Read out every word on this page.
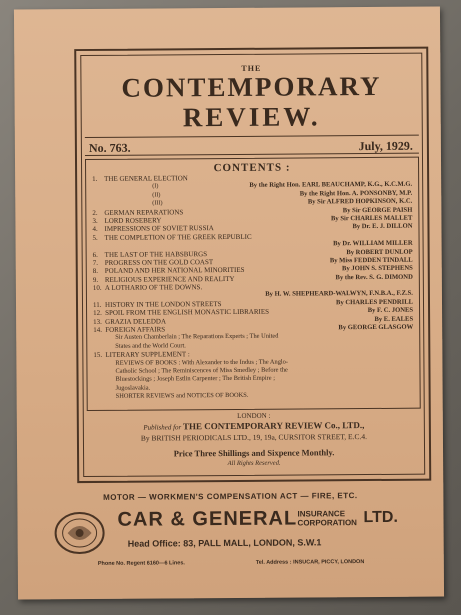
THE
CONTEMPORARY
REVIEW.
No. 763.	July, 1929.
CONTENTS :
1. THE GENERAL ELECTION
(I)	By the Right Hon. EARL BEAUCHAMP, K.G., K.C.M.G.
(II)	By the Right Hon. A. PONSONBY, M.P.
(III)	By Sir ALFRED HOPKINSON, K.C.
2. GERMAN REPARATIONS	By Sir GEORGE PAISH
3. LORD ROSEBERY	By Sir CHARLES MALLET
4. IMPRESSIONS OF SOVIET RUSSIA	By Dr. E. J. DILLON
5. THE COMPLETION OF THE GREEK REPUBLIC
By Dr. WILLIAM MILLER
6. THE LAST OF THE HABSBURGS	By ROBERT DUNLOP
7. PROGRESS ON THE GOLD COAST	By Miss FEDDEN TINDALL
8. POLAND AND HER NATIONAL MINORITIES	By JOHN S. STEPHENS
9. RELIGIOUS EXPERIENCE AND REALITY	By the Rev. S. G. DIMOND
10. A LOTHARIO OF THE DOWNS.
By H. W. SHEPHEARD-WALWYN, F.N.B.A., F.Z.S.
11. HISTORY IN THE LONDON STREETS	By CHARLES PENDRILL
12. SPOIL FROM THE ENGLISH MONASTIC LIBRARIES	By F. C. JONES
13. GRAZIA DELEDDA	By E. EALES
14. FOREIGN AFFAIRS	By GEORGE GLASGOW
Sir Austen Chamberlain ; The Reparations Experts ; The United
States and the World Court.
15. LITERARY SUPPLEMENT :
REVIEWS OF BOOKS : With Alexander to the Indus ; The Anglo-
Catholic School ; The Reminiscences of Miss Smedley ; Before the
Bluestockings ; Joseph Estlin Carpenter ; The British Empire ;
Jugoslavakia.
SHORTER REVIEWS and NOTICES OF BOOKS.
LONDON :
Published for THE CONTEMPORARY REVIEW Co., LTD.,
By BRITISH PERIODICALS LTD., 19, 19a, CURSITOR STREET, E.C.4.
Price Three Shillings and Sixpence Monthly.
All Rights Reserved.
MOTOR — WORKMEN'S COMPENSATION ACT — FIRE, ETC.
CAR & GENERAL INSURANCE
CORPORATION LTD.
Head Office: 83, PALL MALL, LONDON, S.W.1
Phone No. Regent 6160—6 Lines.	Tel. Address : INSUCAR, PICCY, LONDON
